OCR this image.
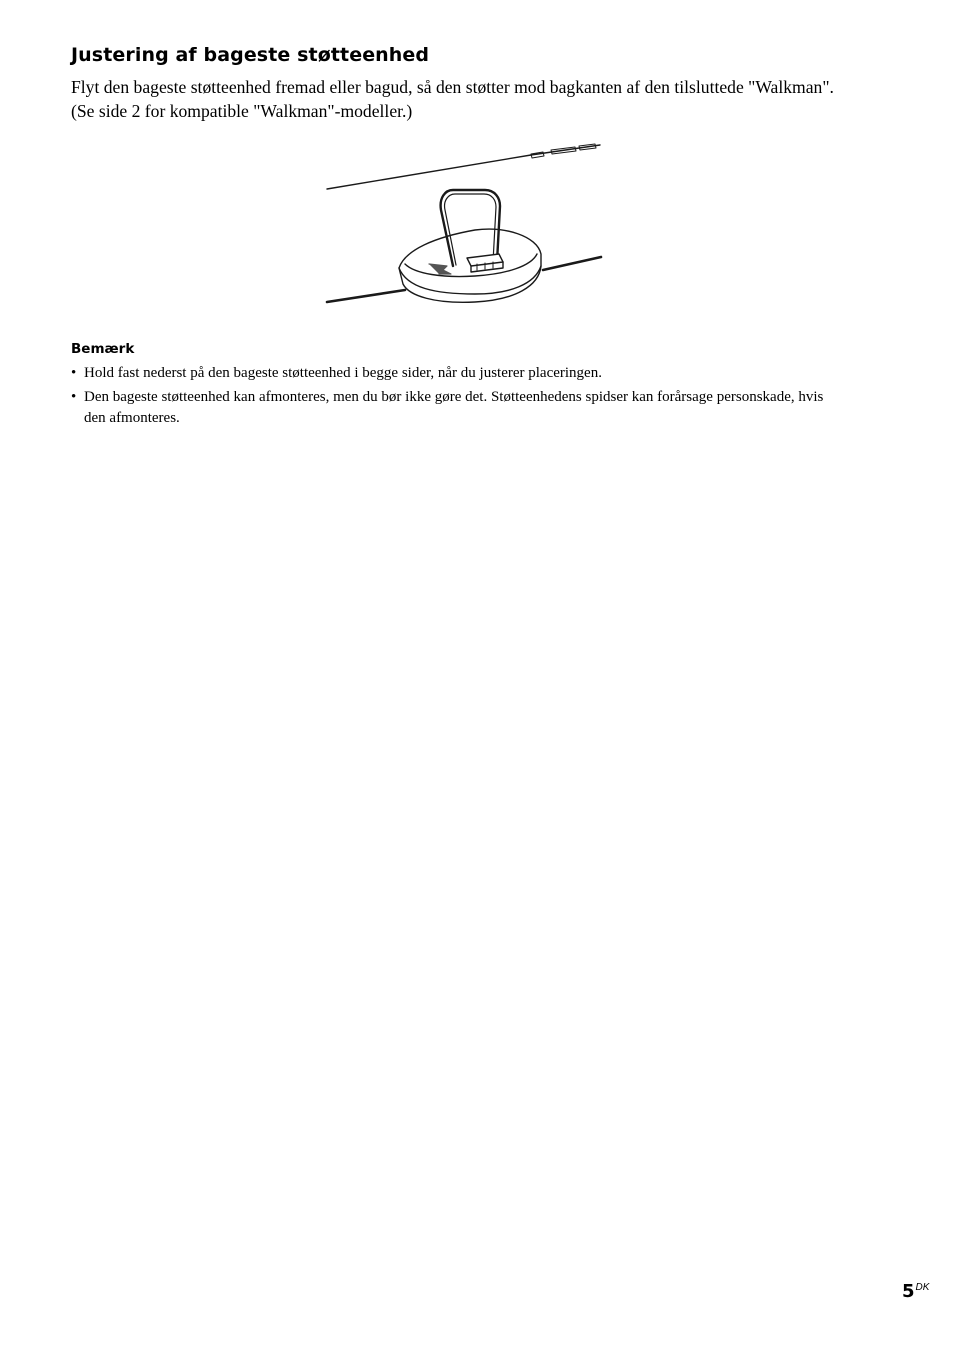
Justering af bageste støtteenhed

Flyt den bageste støtteenhed fremad eller bagud, så den støtter mod bagkanten af den tilsluttede "Walkman". (Se side 2 for kompatible "Walkman"-modeller.)

Bemærk
• Hold fast nederst på den bageste støtteenhed i begge sider, når du justerer placeringen.
• Den bageste støtteenhed kan afmonteres, men du bør ikke gøre det. Støtteenhedens spidser kan forårsage personskade, hvis den afmonteres.
$5^{DK}$
